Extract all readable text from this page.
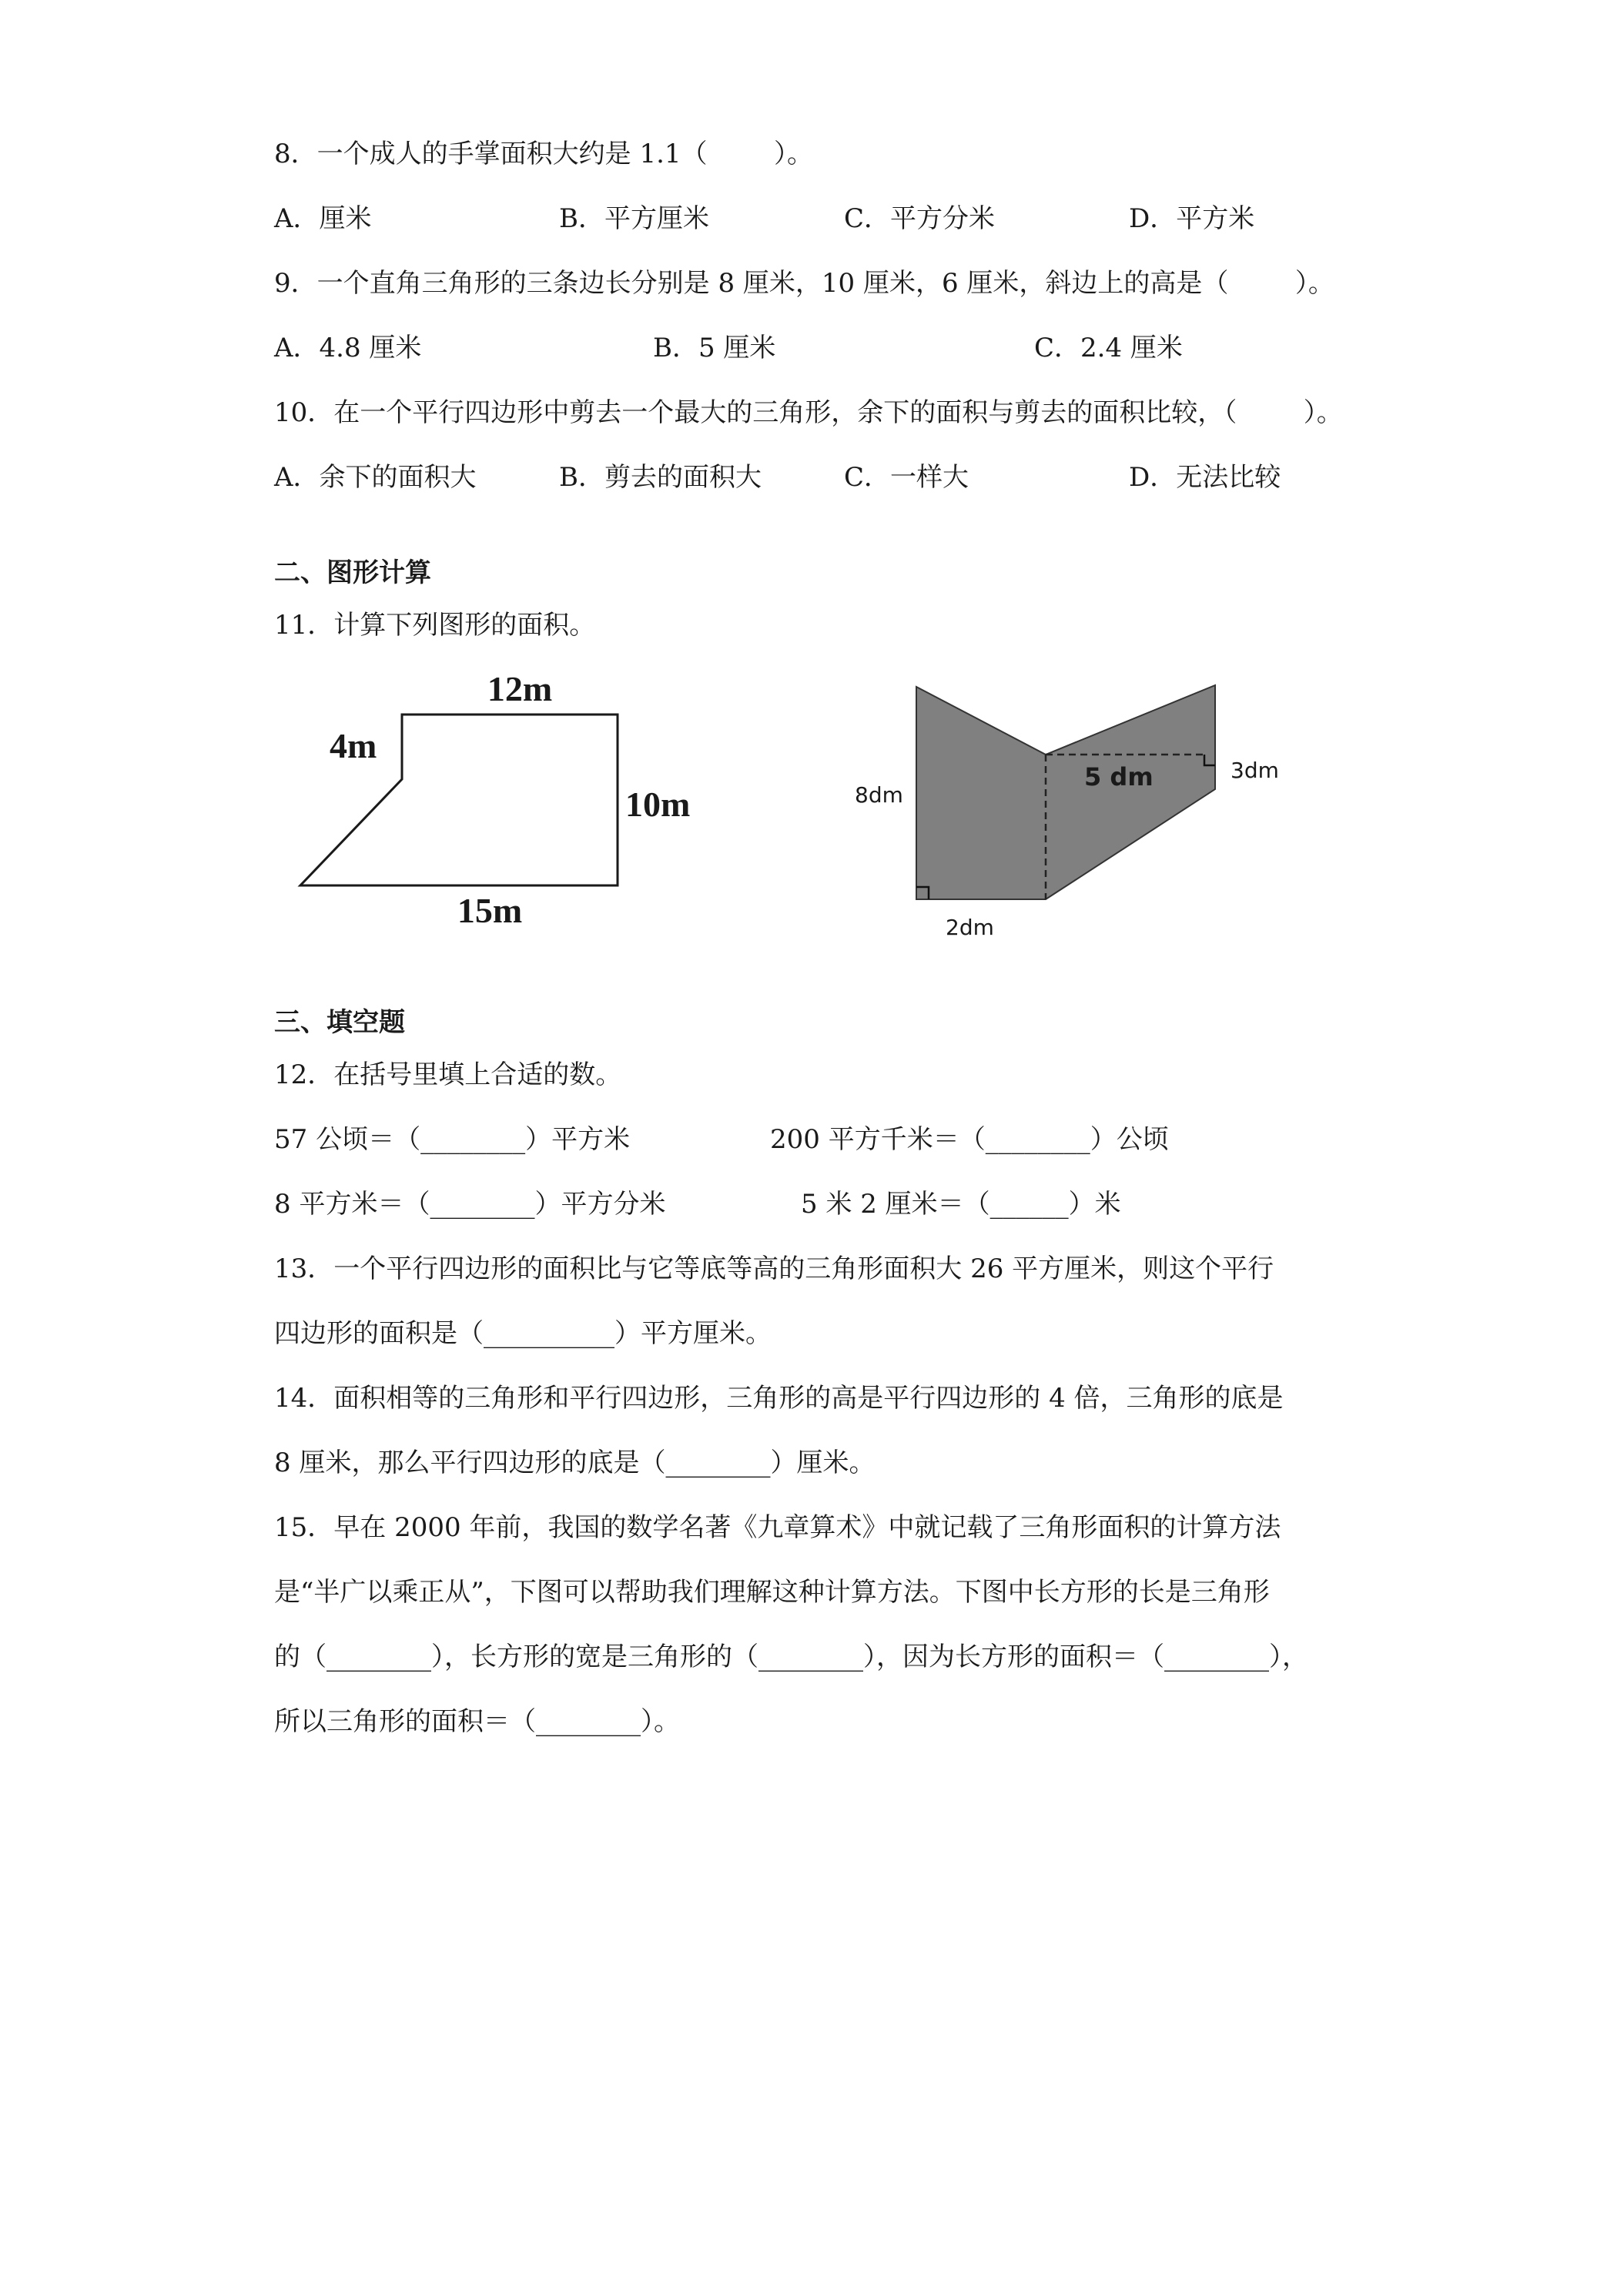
8．一个成人的手掌面积大约是 1.1（        ）。
A．厘米	B．平方厘米	C．平方分米	D．平方米
9．一个直角三角形的三条边长分别是 8 厘米，10 厘米，6 厘米，斜边上的高是（        ）。
A．4.8 厘米	B．5 厘米	C．2.4 厘米
10．在一个平行四边形中剪去一个最大的三角形，余下的面积与剪去的面积比较，（        ）。
A．余下的面积大	B．剪去的面积大	C．一样大	D．无法比较
二、图形计算
11．计算下列图形的面积。
12m
4m
10m
15m
8dm
5 dm	3dm
2dm
三、填空题
12．在括号里填上合适的数。
57 公顷＝（________）平方米	200 平方千米＝（________）公顷
8 平方米＝（________）平方分米	5 米 2 厘米＝（______）米
13．一个平行四边形的面积比与它等底等高的三角形面积大 26 平方厘米，则这个平行
四边形的面积是（__________）平方厘米。
14．面积相等的三角形和平行四边形，三角形的高是平行四边形的 4 倍，三角形的底是
8 厘米，那么平行四边形的底是（________）厘米。
15．早在 2000 年前，我国的数学名著《九章算术》中就记载了三角形面积的计算方法
是“半广以乘正从”，下图可以帮助我们理解这种计算方法。下图中长方形的长是三角形
的（________），长方形的宽是三角形的（________），因为长方形的面积＝（________），
所以三角形的面积＝（________）。
